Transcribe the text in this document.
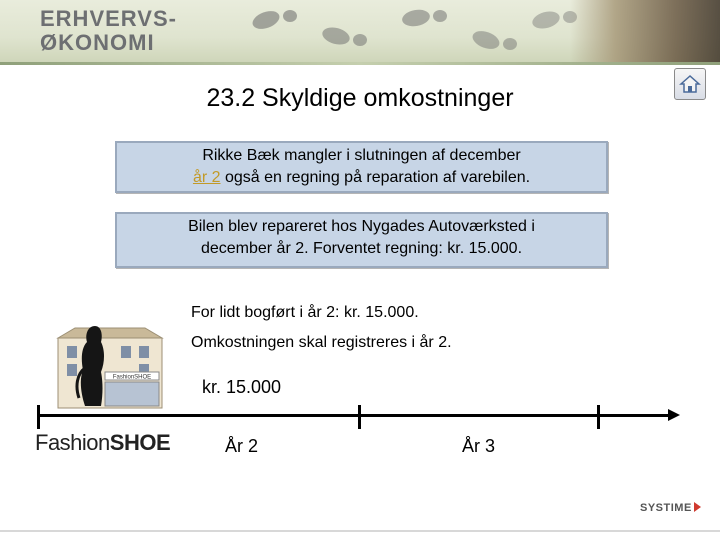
ERHVERVS-
ØKONOMI
23.2 Skyldige omkostninger
Rikke Bæk mangler i slutningen af december
år 2 også en regning på reparation af varebilen.
Bilen blev repareret hos Nygades Autoværksted i
december år 2. Forventet regning: kr. 15.000.
For lidt bogført i år 2: kr. 15.000.
Omkostningen skal registreres i år 2.
kr. 15.000
FashionSHOE
År 2	År 3
FashionSHOE
SYSTIME
